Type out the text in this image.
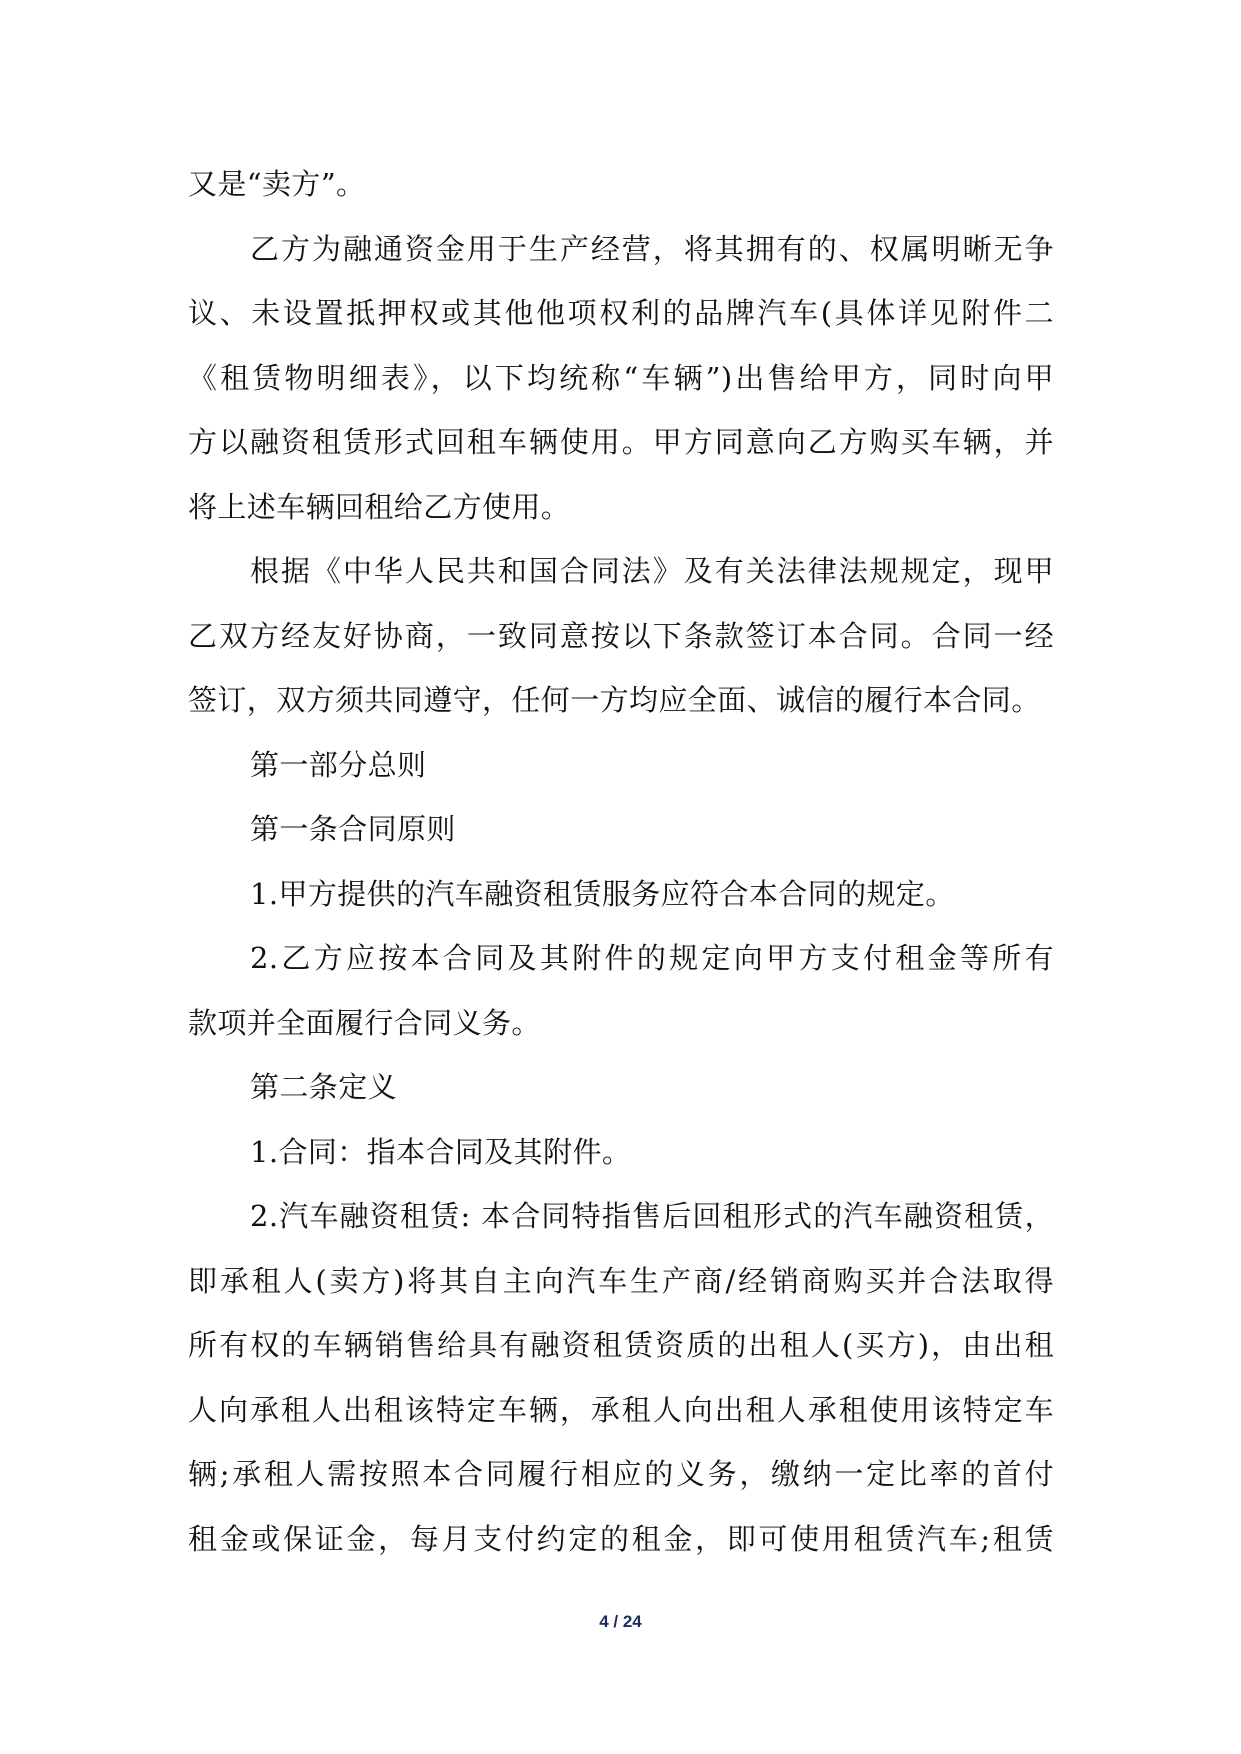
又是“卖方”。
乙方为融通资金用于生产经营，将其拥有的、权属明晰无争
议、未设置抵押权或其他他项权利的品牌汽车(具体详见附件二
《租赁物明细表》，以下均统称“车辆”)出售给甲方，同时向甲
方以融资租赁形式回租车辆使用。甲方同意向乙方购买车辆，并
将上述车辆回租给乙方使用。
根据《中华人民共和国合同法》及有关法律法规规定，现甲
乙双方经友好协商，一致同意按以下条款签订本合同。合同一经
签订，双方须共同遵守，任何一方均应全面、诚信的履行本合同。
第一部分总则
第一条合同原则
1.甲方提供的汽车融资租赁服务应符合本合同的规定。
2.乙方应按本合同及其附件的规定向甲方支付租金等所有
款项并全面履行合同义务。
第二条定义
1.合同：指本合同及其附件。
2.汽车融资租赁: 本合同特指售后回租形式的汽车融资租赁，
即承租人(卖方)将其自主向汽车生产商/经销商购买并合法取得
所有权的车辆销售给具有融资租赁资质的出租人(买方)，由出租
人向承租人出租该特定车辆，承租人向出租人承租使用该特定车
辆;承租人需按照本合同履行相应的义务，缴纳一定比率的首付
租金或保证金，每月支付约定的租金，即可使用租赁汽车;租赁
4 / 24
